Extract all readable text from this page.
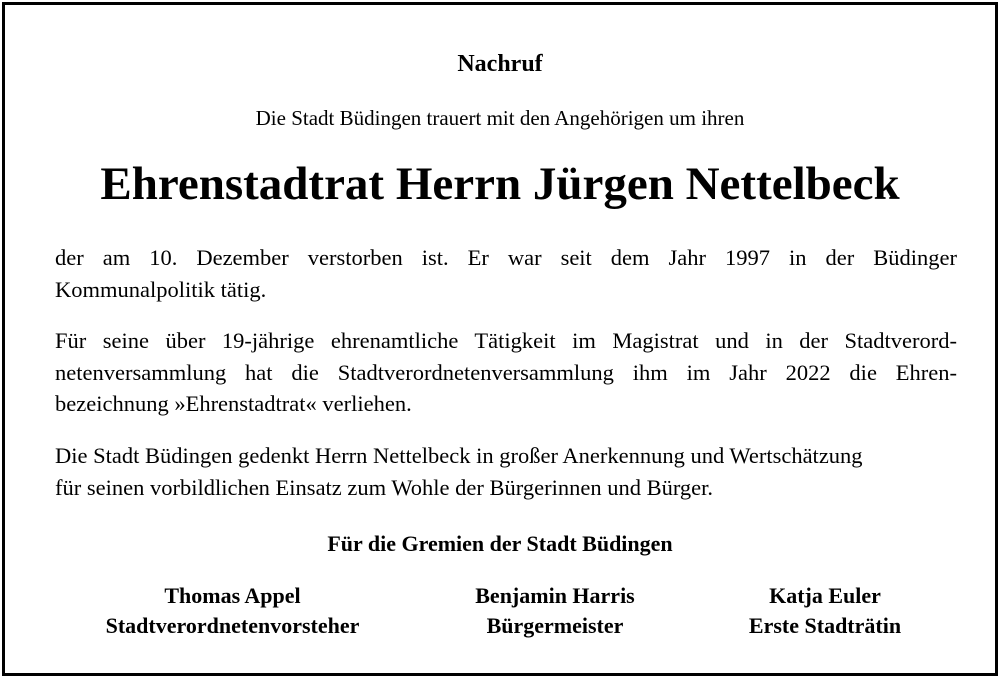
Nachruf
Die Stadt Büdingen trauert mit den Angehörigen um ihren
Ehrenstadtrat Herrn Jürgen Nettelbeck
der am 10. Dezember verstorben ist. Er war seit dem Jahr 1997 in der Büdinger
Kommunalpolitik tätig.
Für seine über 19-jährige ehrenamtliche Tätigkeit im Magistrat und in der Stadtverord-
netenversammlung hat die Stadtverordnetenversammlung ihm im Jahr 2022 die Ehren-
bezeichnung »Ehrenstadtrat« verliehen.
Die Stadt Büdingen gedenkt Herrn Nettelbeck in großer Anerkennung und Wertschätzung
für seinen vorbildlichen Einsatz zum Wohle der Bürgerinnen und Bürger.
Für die Gremien der Stadt Büdingen
Thomas Appel
Stadtverordnetenvorsteher
Benjamin Harris
Bürgermeister
Katja Euler
Erste Stadträtin
